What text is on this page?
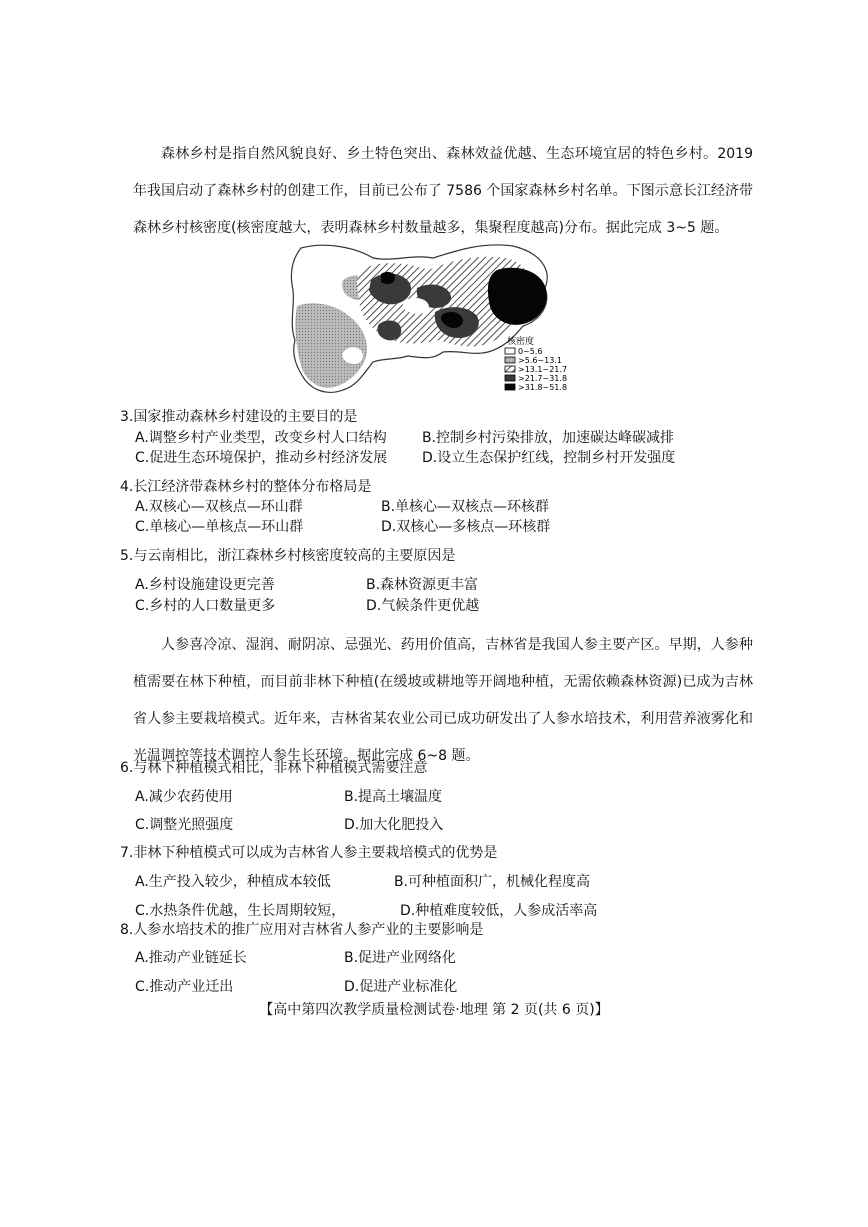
森林乡村是指自然风貌良好、乡土特色突出、森林效益优越、生态环境宜居的特色乡村。2019年我国启动了森林乡村的创建工作，目前已公布了 7586 个国家森林乡村名单。下图示意长江经济带森林乡村核密度(核密度越大，表明森林乡村数量越多，集聚程度越高)分布。据此完成 3~5 题。

核密度
0~5.6
>5.6~13.1
>13.1~21.7
>21.7~31.8
>31.8~51.8

3.国家推动森林乡村建设的主要目的是

A.调整乡村产业类型，改变乡村人口结构	B.控制乡村污染排放，加速碳达峰碳减排

C.促进生态环境保护，推动乡村经济发展 D.设立生态保护红线，控制乡村开发强度

4.长江经济带森林乡村的整体分布格局是

A.双核心—双核点—环山群	B.单核心—双核点—环核群

C.单核心—单核点—环山群	D.双核心—多核点—环核群

5.与云南相比，浙江森林乡村核密度较高的主要原因是

A.乡村设施建设更完善	B.森林资源更丰富

C.乡村的人口数量更多	D.气候条件更优越

人参喜冷凉、湿润、耐阴凉、忌强光、药用价值高，吉林省是我国人参主要产区。早期，人参种植需要在林下种植，而目前非林下种植(在缓坡或耕地等开阔地种植，无需依赖森林资源)已成为吉林省人参主要栽培模式。近年来，吉林省某农业公司已成功研发出了人参水培技术，利用营养液雾化和光温调控等技术调控人参生长环境。据此完成 6~8 题。

6.与林下种植模式相比，非林下种植模式需要注意

A.减少农药使用	B.提高土壤温度

C.调整光照强度	D.加大化肥投入

7.非林下种植模式可以成为吉林省人参主要栽培模式的优势是

A.生产投入较少，种植成本较低	B.可种植面积广，机械化程度高

C.水热条件优越，生长周期较短，	D.种植难度较低，人参成活率高

8.人参水培技术的推广应用对吉林省人参产业的主要影响是

A.推动产业链延长	B.促进产业网络化

C.推动产业迁出	D.促进产业标准化

【高中第四次教学质量检测试卷·地理 第 2 页(共 6 页)】
